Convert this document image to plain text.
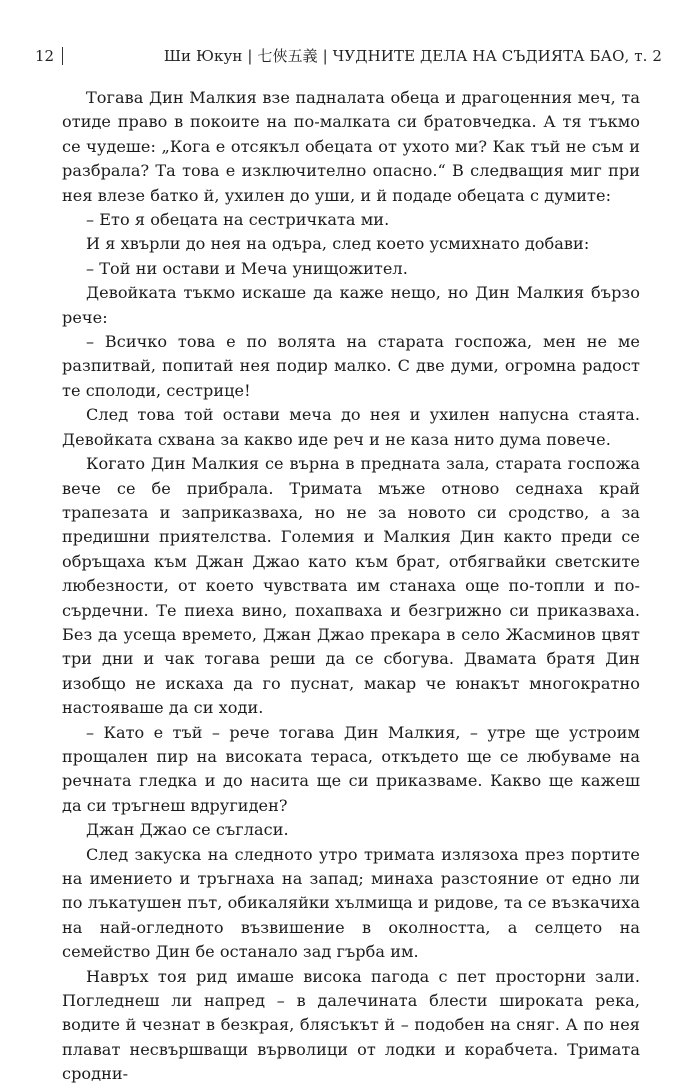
12	Ши Юкун | 七俠五義 | ЧУДНИТЕ ДЕЛА НА СЪДИЯТА БАО, т. 2

Тогава Дин Малкия взе падналата обеца и драгоценния меч, та отиде право в покоите на по-малката си братовчедка. А тя тъкмо се чудеше: „Кога е отсякъл обецата от ухото ми? Как тъй не съм и разбрала? Та това е изключително опасно.“ В следващия миг при нея влезе батко й, ухилен до уши, и й подаде обецата с думите:

– Ето я обецата на сестричката ми.

И я хвърли до нея на одъра, след което усмихнато добави:

– Той ни остави и Меча унищожител.

Девойката тъкмо искаше да каже нещо, но Дин Малкия бързо рече:

– Всичко това е по волята на старата госпожа, мен не ме разпитвай, попитай нея подир малко. С две думи, огромна радост те сполоди, сестрице!

След това той остави меча до нея и ухилен напусна стаята. Девойката схвана за какво иде реч и не каза нито дума повече.

Когато Дин Малкия се върна в предната зала, старата госпожа вече се бе прибрала. Тримата мъже отново седнаха край трапезата и заприказваха, но не за новото си сродство, а за предишни приятелства. Големия и Малкия Дин както преди се обръщаха към Джан Джао като към брат, отбягвайки светските любезности, от което чувствата им станаха още по-топли и по-сърдечни. Те пиеха вино, похапваха и безгрижно си приказваха. Без да усеща времето, Джан Джао прекара в село Жасминов цвят три дни и чак тогава реши да се сбогува. Двамата братя Дин изобщо не искаха да го пуснат, макар че юнакът многократно настояваше да си ходи.

– Като е тъй – рече тогава Дин Малкия, – утре ще устроим прощален пир на високата тераса, откъдето ще се любуваме на речната гледка и до насита ще си приказваме. Какво ще кажеш да си тръгнеш вдругиден?

Джан Джао се съгласи.

След закуска на следното утро тримата излязоха през портите на имението и тръгнаха на запад; минаха разстояние от едно ли по лъкатушен път, обикаляйки хълмища и ридове, та се възкачиха на най-огледното възвишение в околността, а селцето на семейство Дин бе останало зад гърба им.

Навръх тоя рид имаше висока пагода с пет просторни зали. Погледнеш ли напред – в далечината блести широката река, водите й чезнат в безкрая, блясъкът й – подобен на сняг. А по нея плават несвършващи върволици от лодки и корабчета. Тримата сродни-
